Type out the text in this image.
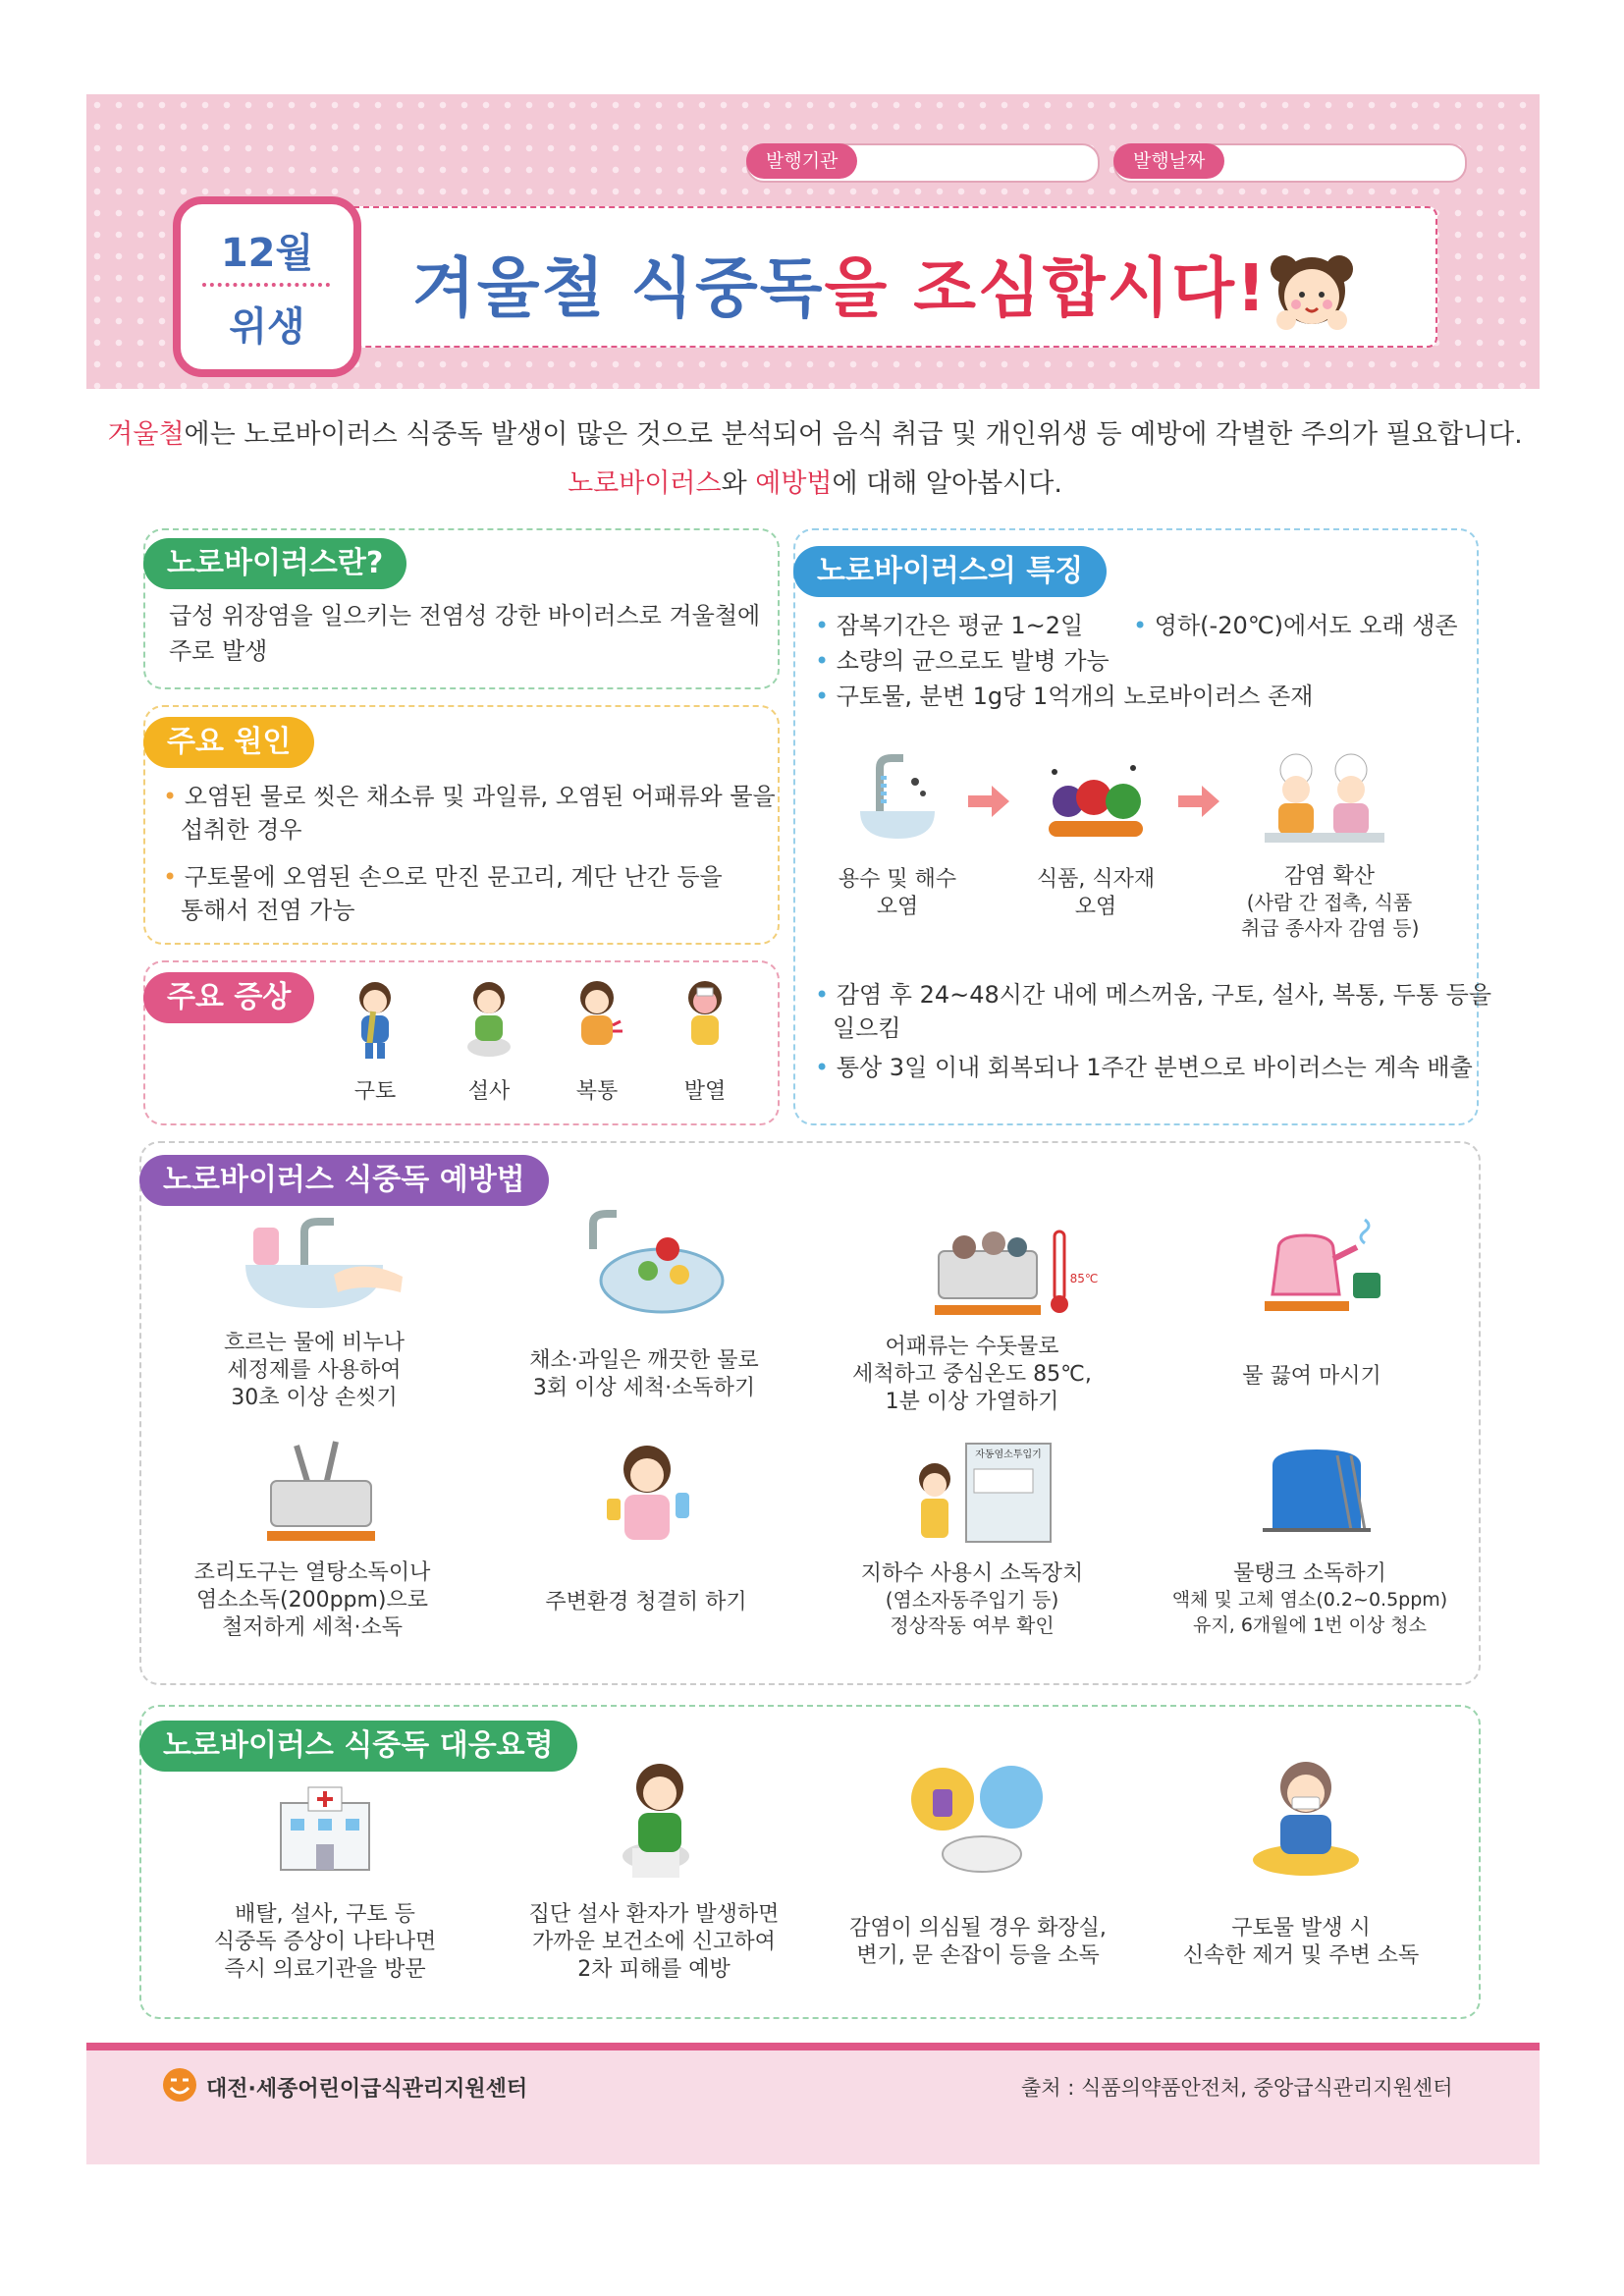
발행기관	발행날짜
12월
위생
겨울철 식중독을 조심합시다!
겨울철에는 노로바이러스 식중독 발생이 많은 것으로 분석되어 음식 취급 및 개인위생 등 예방에 각별한 주의가 필요합니다.
노로바이러스와 예방법에 대해 알아봅시다.
노로바이러스란?
급성 위장염을 일으키는 전염성 강한 바이러스로 겨울철에
주로 발생
주요 원인
• 오염된 물로 씻은 채소류 및 과일류, 오염된 어패류와 물을
섭취한 경우
• 구토물에 오염된 손으로 만진 문고리, 계단 난간 등을
통해서 전염 가능
주요 증상
구토	설사	복통	발열
노로바이러스의 특징
• 잠복기간은 평균 1~2일 • 영하(-20℃)에서도 오래 생존
• 소량의 균으로도 발병 가능
• 구토물, 분변 1g당 1억개의 노로바이러스 존재
용수 및 해수
오염
식품, 식자재
오염
감염 확산
(사람 간 접촉, 식품
취급 종사자 감염 등)
• 감염 후 24~48시간 내에 메스꺼움, 구토, 설사, 복통, 두통 등을
일으킴
• 통상 3일 이내 회복되나 1주간 분변으로 바이러스는 계속 배출
노로바이러스 식중독 예방법
85℃
흐르는 물에 비누나
세정제를 사용하여
30초 이상 손씻기
채소·과일은 깨끗한 물로
3회 이상 세척·소독하기
어패류는 수돗물로
세척하고 중심온도 85℃,
1분 이상 가열하기
물 끓여 마시기
자동염소투입기
조리도구는 열탕소독이나
염소소독(200ppm)으로
철저하게 세척·소독
주변환경 청결히 하기
지하수 사용시 소독장치
(염소자동주입기 등)
정상작동 여부 확인
물탱크 소독하기
액체 및 고체 염소(0.2~0.5ppm)
유지, 6개월에 1번 이상 청소
노로바이러스 식중독 대응요령
배탈, 설사, 구토 등
식중독 증상이 나타나면
즉시 의료기관을 방문
집단 설사 환자가 발생하면
가까운 보건소에 신고하여
2차 피해를 예방
감염이 의심될 경우 화장실,
변기, 문 손잡이 등을 소독
구토물 발생 시
신속한 제거 및 주변 소독
대전·세종어린이급식관리지원센터	출처 : 식품의약품안전처, 중앙급식관리지원센터
